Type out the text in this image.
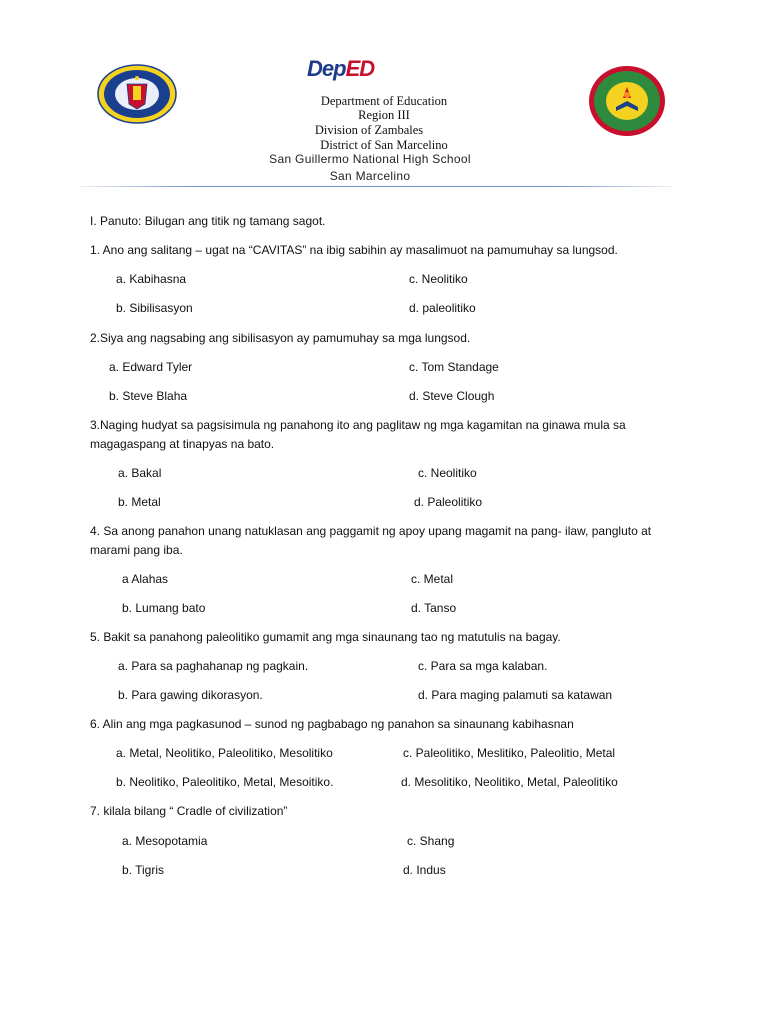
DepED
Department of Education
Region III
Division of Zambales
District of San Marcelino
San Guillermo National High School
San Marcelino
I. Panuto: Bilugan ang titik ng tamang sagot.
1. Ano ang salitang – ugat na “CAVITAS” na ibig sabihin ay masalimuot na pamumuhay sa lungsod.
a. Kabihasna	c. Neolitiko
b. Sibilisasyon	d. paleolitiko
2.Siya ang nagsabing ang sibilisasyon ay pamumuhay sa mga lungsod.
a. Edward Tyler	c. Tom Standage
b. Steve Blaha	d. Steve Clough
3.Naging hudyat sa pagsisimula ng panahong ito ang paglitaw ng mga kagamitan na ginawa mula sa
magagaspang at tinapyas na bato.
a. Bakal	c. Neolitiko
b. Metal	d. Paleolitiko
4. Sa anong panahon unang natuklasan ang paggamit ng apoy upang magamit na pang- ilaw, pangluto at
marami pang iba.
a Alahas	c. Metal
b. Lumang bato	d. Tanso
5. Bakit sa panahong paleolitiko gumamit ang mga sinaunang tao ng matutulis na bagay.
a. Para sa paghahanap ng pagkain.	c. Para sa mga kalaban.
b. Para gawing dikorasyon.	d. Para maging palamuti sa katawan
6. Alin ang mga pagkasunod – sunod ng pagbabago ng panahon sa sinaunang kabihasnan
a. Metal, Neolitiko, Paleolitiko, Mesolitiko	c. Paleolitiko, Meslitiko, Paleolitio, Metal
b. Neolitiko, Paleolitiko, Metal, Mesoitiko.	d. Mesolitiko, Neolitiko, Metal, Paleolitiko
7. kilala bilang “ Cradle of civilization”
a. Mesopotamia	c. Shang
b. Tigris	d. Indus
